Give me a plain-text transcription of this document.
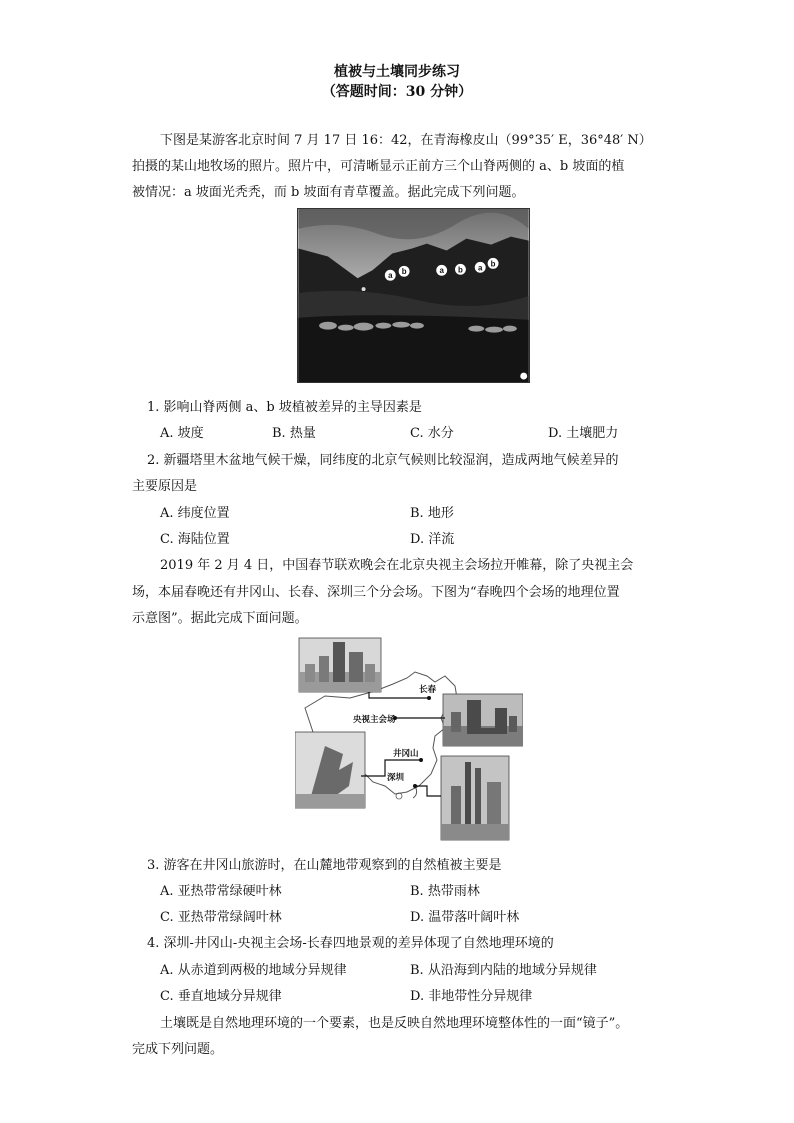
植被与土壤同步练习
（答题时间：30 分钟）
下图是某游客北京时间 7 月 17 日 16：42，在青海橡皮山（99°35′ E，36°48′ N）
拍摄的某山地牧场的照片。照片中，可清晰显示正前方三个山脊两侧的 a、b 坡面的植
被情况：a 坡面光秃秃，而 b 坡面有青草覆盖。据此完成下列问题。
a b	a b a b
1. 影响山脊两侧 a、b 坡植被差异的主导因素是
A. 坡度	B. 热量	C. 水分	D. 土壤肥力
2. 新疆塔里木盆地气候干燥，同纬度的北京气候则比较湿润，造成两地气候差异的
主要原因是
A. 纬度位置	B. 地形
C. 海陆位置	D. 洋流
2019 年 2 月 4 日，中国春节联欢晚会在北京央视主会场拉开帷幕，除了央视主会
场，本届春晚还有井冈山、长春、深圳三个分会场。下图为“春晚四个会场的地理位置
示意图”。据此完成下面问题。
长春
央视主会场
井冈山
深圳
3. 游客在井冈山旅游时，在山麓地带观察到的自然植被主要是
A. 亚热带常绿硬叶林	B. 热带雨林
C. 亚热带常绿阔叶林	D. 温带落叶阔叶林
4. 深圳-井冈山-央视主会场-长春四地景观的差异体现了自然地理环境的
A. 从赤道到两极的地域分异规律	B. 从沿海到内陆的地域分异规律
C. 垂直地域分异规律	D. 非地带性分异规律
土壤既是自然地理环境的一个要素，也是反映自然地理环境整体性的一面“镜子”。
完成下列问题。
